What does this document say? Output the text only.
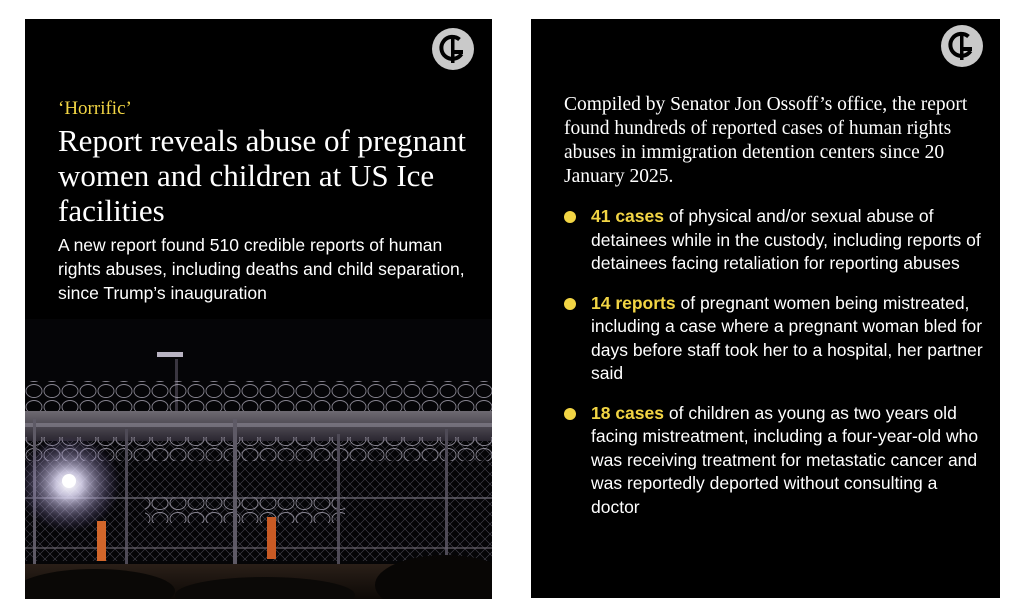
‘Horrific’
Report reveals abuse of pregnant women and children at US Ice facilities

A new report found 510 credible reports of human rights abuses, including deaths and child separation, since Trump’s inauguration

Compiled by Senator Jon Ossoff’s office, the report found hundreds of reported cases of human rights abuses in immigration detention centers since 20 January 2025.

41 cases of physical and/or sexual abuse of detainees while in the custody, including reports of detainees facing retaliation for reporting abuses
14 reports of pregnant women being mistreated, including a case where a pregnant woman bled for days before staff took her to a hospital, her partner said
18 cases of children as young as two years old facing mistreatment, including a four-year-old who was receiving treatment for metastatic cancer and was reportedly deported without consulting a doctor
